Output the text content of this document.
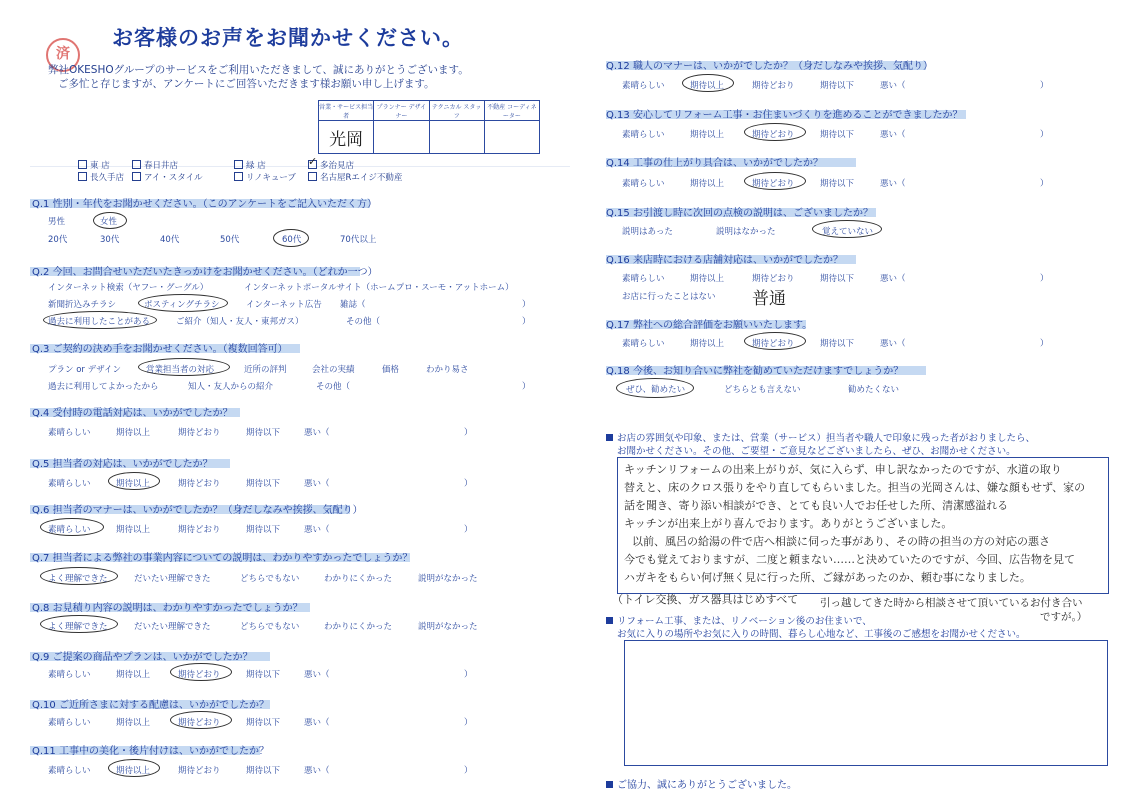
済
お客様のお声をお聞かせください。
弊社OKESHOグループのサービスをご利用いただきまして、誠にありがとうございます。
ご多忙と存じますが、アンケートにご回答いただきます様お願い申し上げます。
営業・サービス担当者	プランナー デザイナー	テクニカル スタッフ	不動産 コーディネーター
光岡			
東 店	春日井店	緑 店	✓ 多治見店
長久手店	アイ・スタイル	リノキューブ	名古屋Rエイジ不動産
Q.1 性別・年代をお聞かせください。（このアンケートをご記入いただく方）
男性	女性
20代	30代	40代	50代	60代	70代以上
Q.2 今回、お問合せいただいたきっかけをお聞かせください。（どれか一つ）
インターネット検索（ヤフー・グーグル）	インターネットポータルサイト（ホームプロ・スーモ・アットホーム）
新聞折込みチラシ	ポスティングチラシ	インターネット広告 雑誌（	）
過去に利用したことがある	ご紹介（知人・友人・東邦ガス）	その他（	）
Q.3 ご契約の決め手をお聞かせください。（複数回答可）
プラン or デザイン	営業担当者の対応	近所の評判	会社の実績	価格	わかり易さ
過去に利用してよかったから	知人・友人からの紹介	その他（	）
Q.4 受付時の電話対応は、いかがでしたか？
素晴らしい	期待以上	期待どおり	期待以下	悪い（	）
Q.5 担当者の対応は、いかがでしたか？
素晴らしい	期待以上	期待どおり	期待以下	悪い（	）
Q.6 担当者のマナーは、いかがでしたか？（身だしなみや挨拶、気配り）
素晴らしい	期待以上	期待どおり	期待以下	悪い（	）
Q.7 担当者による弊社の事業内容についての説明は、わかりやすかったでしょうか？
よく理解できた	だいたい理解できた	どちらでもない	わかりにくかった	説明がなかった
Q.8 お見積り内容の説明は、わかりやすかったでしょうか？
よく理解できた	だいたい理解できた	どちらでもない	わかりにくかった	説明がなかった
Q.9 ご提案の商品やプランは、いかがでしたか？
素晴らしい	期待以上	期待どおり	期待以下	悪い（	）
Q.10 ご近所さまに対する配慮は、いかがでしたか？
素晴らしい	期待以上	期待どおり	期待以下	悪い（	）
Q.11 工事中の美化・後片付けは、いかがでしたか？
素晴らしい	期待以上	期待どおり	期待以下	悪い（	）
Q.12 職人のマナーは、いかがでしたか？（身だしなみや挨拶、気配り）
素晴らしい	期待以上	期待どおり	期待以下	悪い（	）
Q.13 安心してリフォーム工事・お住まいづくりを進めることができましたか？
素晴らしい	期待以上	期待どおり	期待以下	悪い（	）
Q.14 工事の仕上がり具合は、いかがでしたか？
素晴らしい	期待以上	期待どおり	期待以下	悪い（	）
Q.15 お引渡し時に次回の点検の説明は、ございましたか？
説明はあった	説明はなかった	覚えていない
Q.16 来店時における店舗対応は、いかがでしたか？
素晴らしい	期待以上	期待どおり	期待以下	悪い（	）
お店に行ったことはない 普通
Q.17 弊社への総合評価をお願いいたします。
素晴らしい	期待以上	期待どおり	期待以下	悪い（	）
Q.18 今後、お知り合いに弊社を勧めていただけますでしょうか？
ぜひ、勧めたい	どちらとも言えない	勧めたくない
お店の雰囲気や印象、または、営業（サービス）担当者や職人で印象に残った者がおりましたら、
お聞かせください。その他、ご要望・ご意見などございましたら、ぜひ、お聞かせください。
キッチンリフォームの出来上がりが、気に入らず、申し訳なかったのですが、水道の取り
替えと、床のクロス張りをやり直してもらいました。担当の光岡さんは、嫌な顔もせず、家の
話を聞き、寄り添い相談ができ、とても良い人でお任せした所、清潔感溢れる
キッチンが出来上がり喜んでおります。ありがとうございました。
以前、風呂の給湯の件で店へ相談に伺った事があり、その時の担当の方の対応の悪さ
今でも覚えておりますが、二度と頼まない……と決めていたのですが、今回、広告物を見て
ハガキをもらい何げ無く見に行った所、ご縁があったのか、頼む事になりました。
（トイレ交換、ガス器具はじめすべて 引っ越してきた時から相談させて頂いているお付き合い
ですが。）
リフォーム工事、または、リノベーション後のお住まいで、
お気に入りの場所やお気に入りの時間、暮らし心地など、工事後のご感想をお聞かせください。
ご協力、誠にありがとうございました。
